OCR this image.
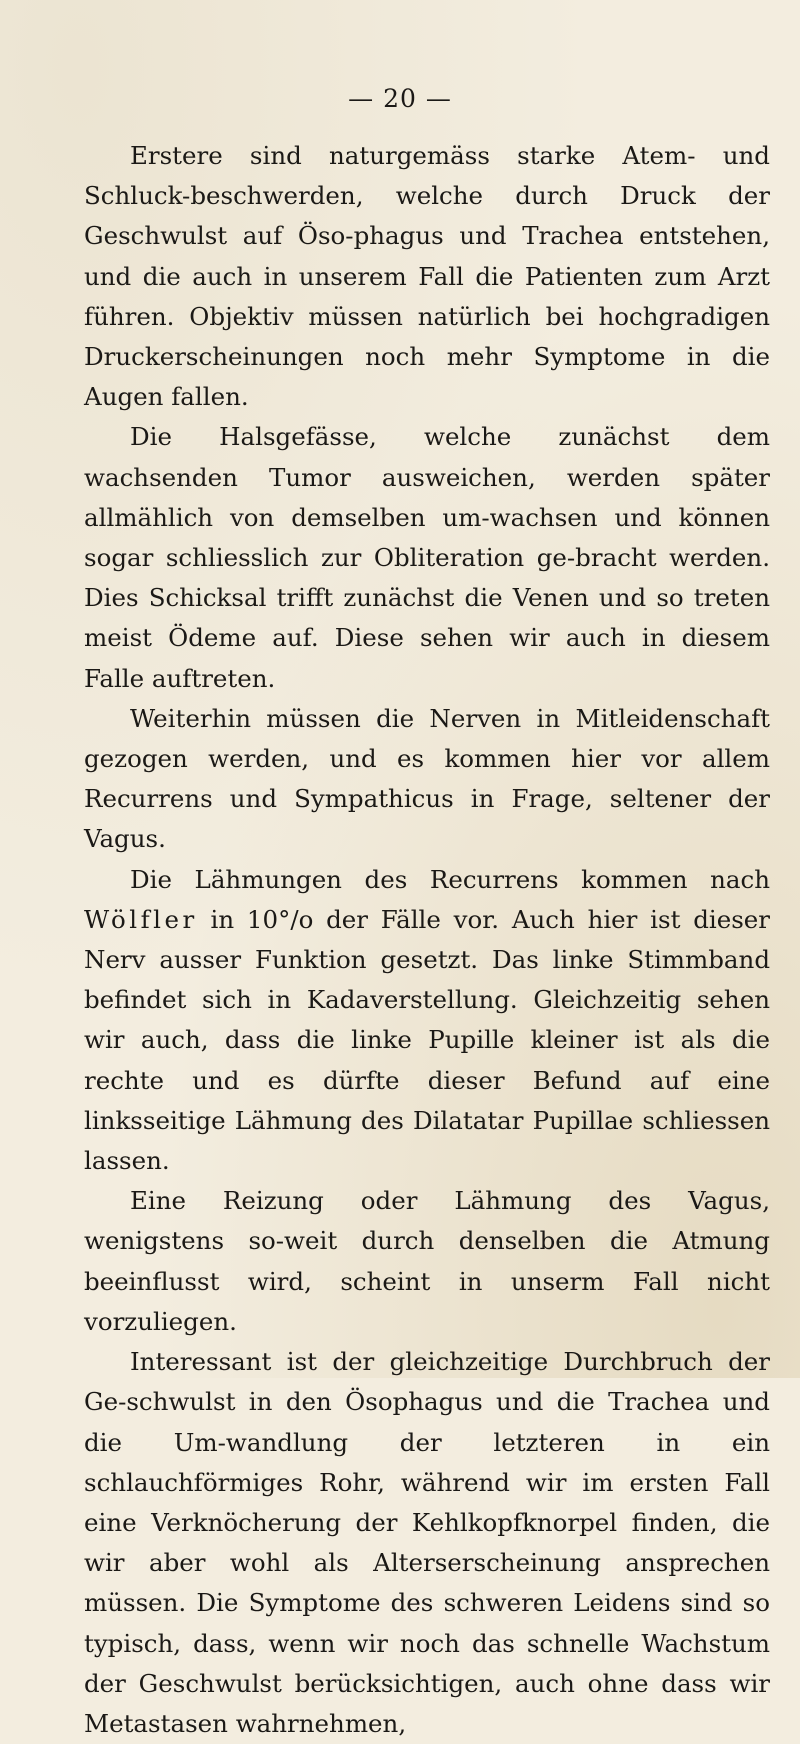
— 20 —

Erstere sind naturgemäss starke Atem- und Schluck-beschwerden, welche durch Druck der Geschwulst auf Öso-phagus und Trachea entstehen, und die auch in unserem Fall die Patienten zum Arzt führen. Objektiv müssen natürlich bei hochgradigen Druckerscheinungen noch mehr Symptome in die Augen fallen.

Die Halsgefässe, welche zunächst dem wachsenden Tumor ausweichen, werden später allmählich von demselben um-wachsen und können sogar schliesslich zur Obliteration ge-bracht werden. Dies Schicksal trifft zunächst die Venen und so treten meist Ödeme auf. Diese sehen wir auch in diesem Falle auftreten.

Weiterhin müssen die Nerven in Mitleidenschaft gezogen werden, und es kommen hier vor allem Recurrens und Sympathicus in Frage, seltener der Vagus.

Die Lähmungen des Recurrens kommen nach Wölfler in 10°/o der Fälle vor. Auch hier ist dieser Nerv ausser Funktion gesetzt. Das linke Stimmband befindet sich in Kadaverstellung. Gleichzeitig sehen wir auch, dass die linke Pupille kleiner ist als die rechte und es dürfte dieser Befund auf eine linksseitige Lähmung des Dilatatar Pupillae schliessen lassen.

Eine Reizung oder Lähmung des Vagus, wenigstens so-weit durch denselben die Atmung beeinflusst wird, scheint in unserm Fall nicht vorzuliegen.

Interessant ist der gleichzeitige Durchbruch der Ge-schwulst in den Ösophagus und die Trachea und die Um-wandlung der letzteren in ein schlauchförmiges Rohr, während wir im ersten Fall eine Verknöcherung der Kehlkopfknorpel finden, die wir aber wohl als Alterserscheinung ansprechen müssen. Die Symptome des schweren Leidens sind so typisch, dass, wenn wir noch das schnelle Wachstum der Geschwulst berücksichtigen, auch ohne dass wir Metastasen wahrnehmen,
